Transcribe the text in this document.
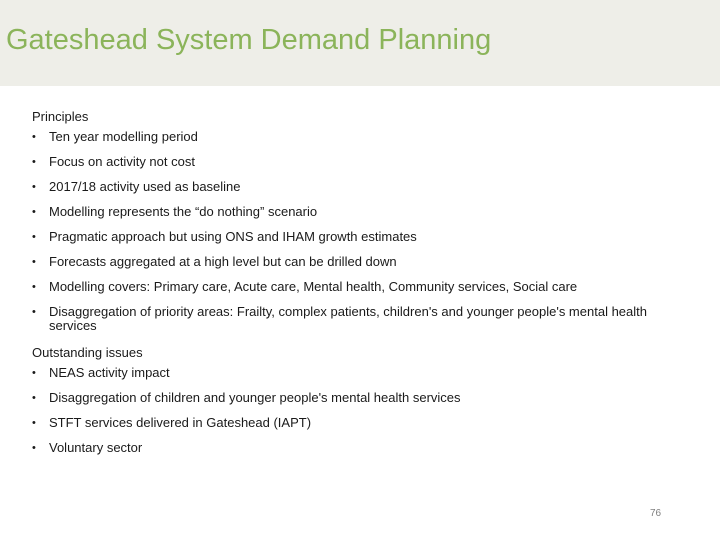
Gateshead System Demand Planning
Principles
• Ten year modelling period
• Focus on activity not cost
• 2017/18 activity used as baseline
• Modelling represents the “do nothing” scenario
• Pragmatic approach but using ONS and IHAM growth estimates
• Forecasts aggregated at a high level but can be drilled down
• Modelling covers: Primary care, Acute care, Mental health, Community services, Social care
• Disaggregation of priority areas: Frailty, complex patients, children's and younger people's mental health services
Outstanding issues
• NEAS activity impact
• Disaggregation of children and younger people's mental health services
• STFT services delivered in Gateshead (IAPT)
• Voluntary sector
76
